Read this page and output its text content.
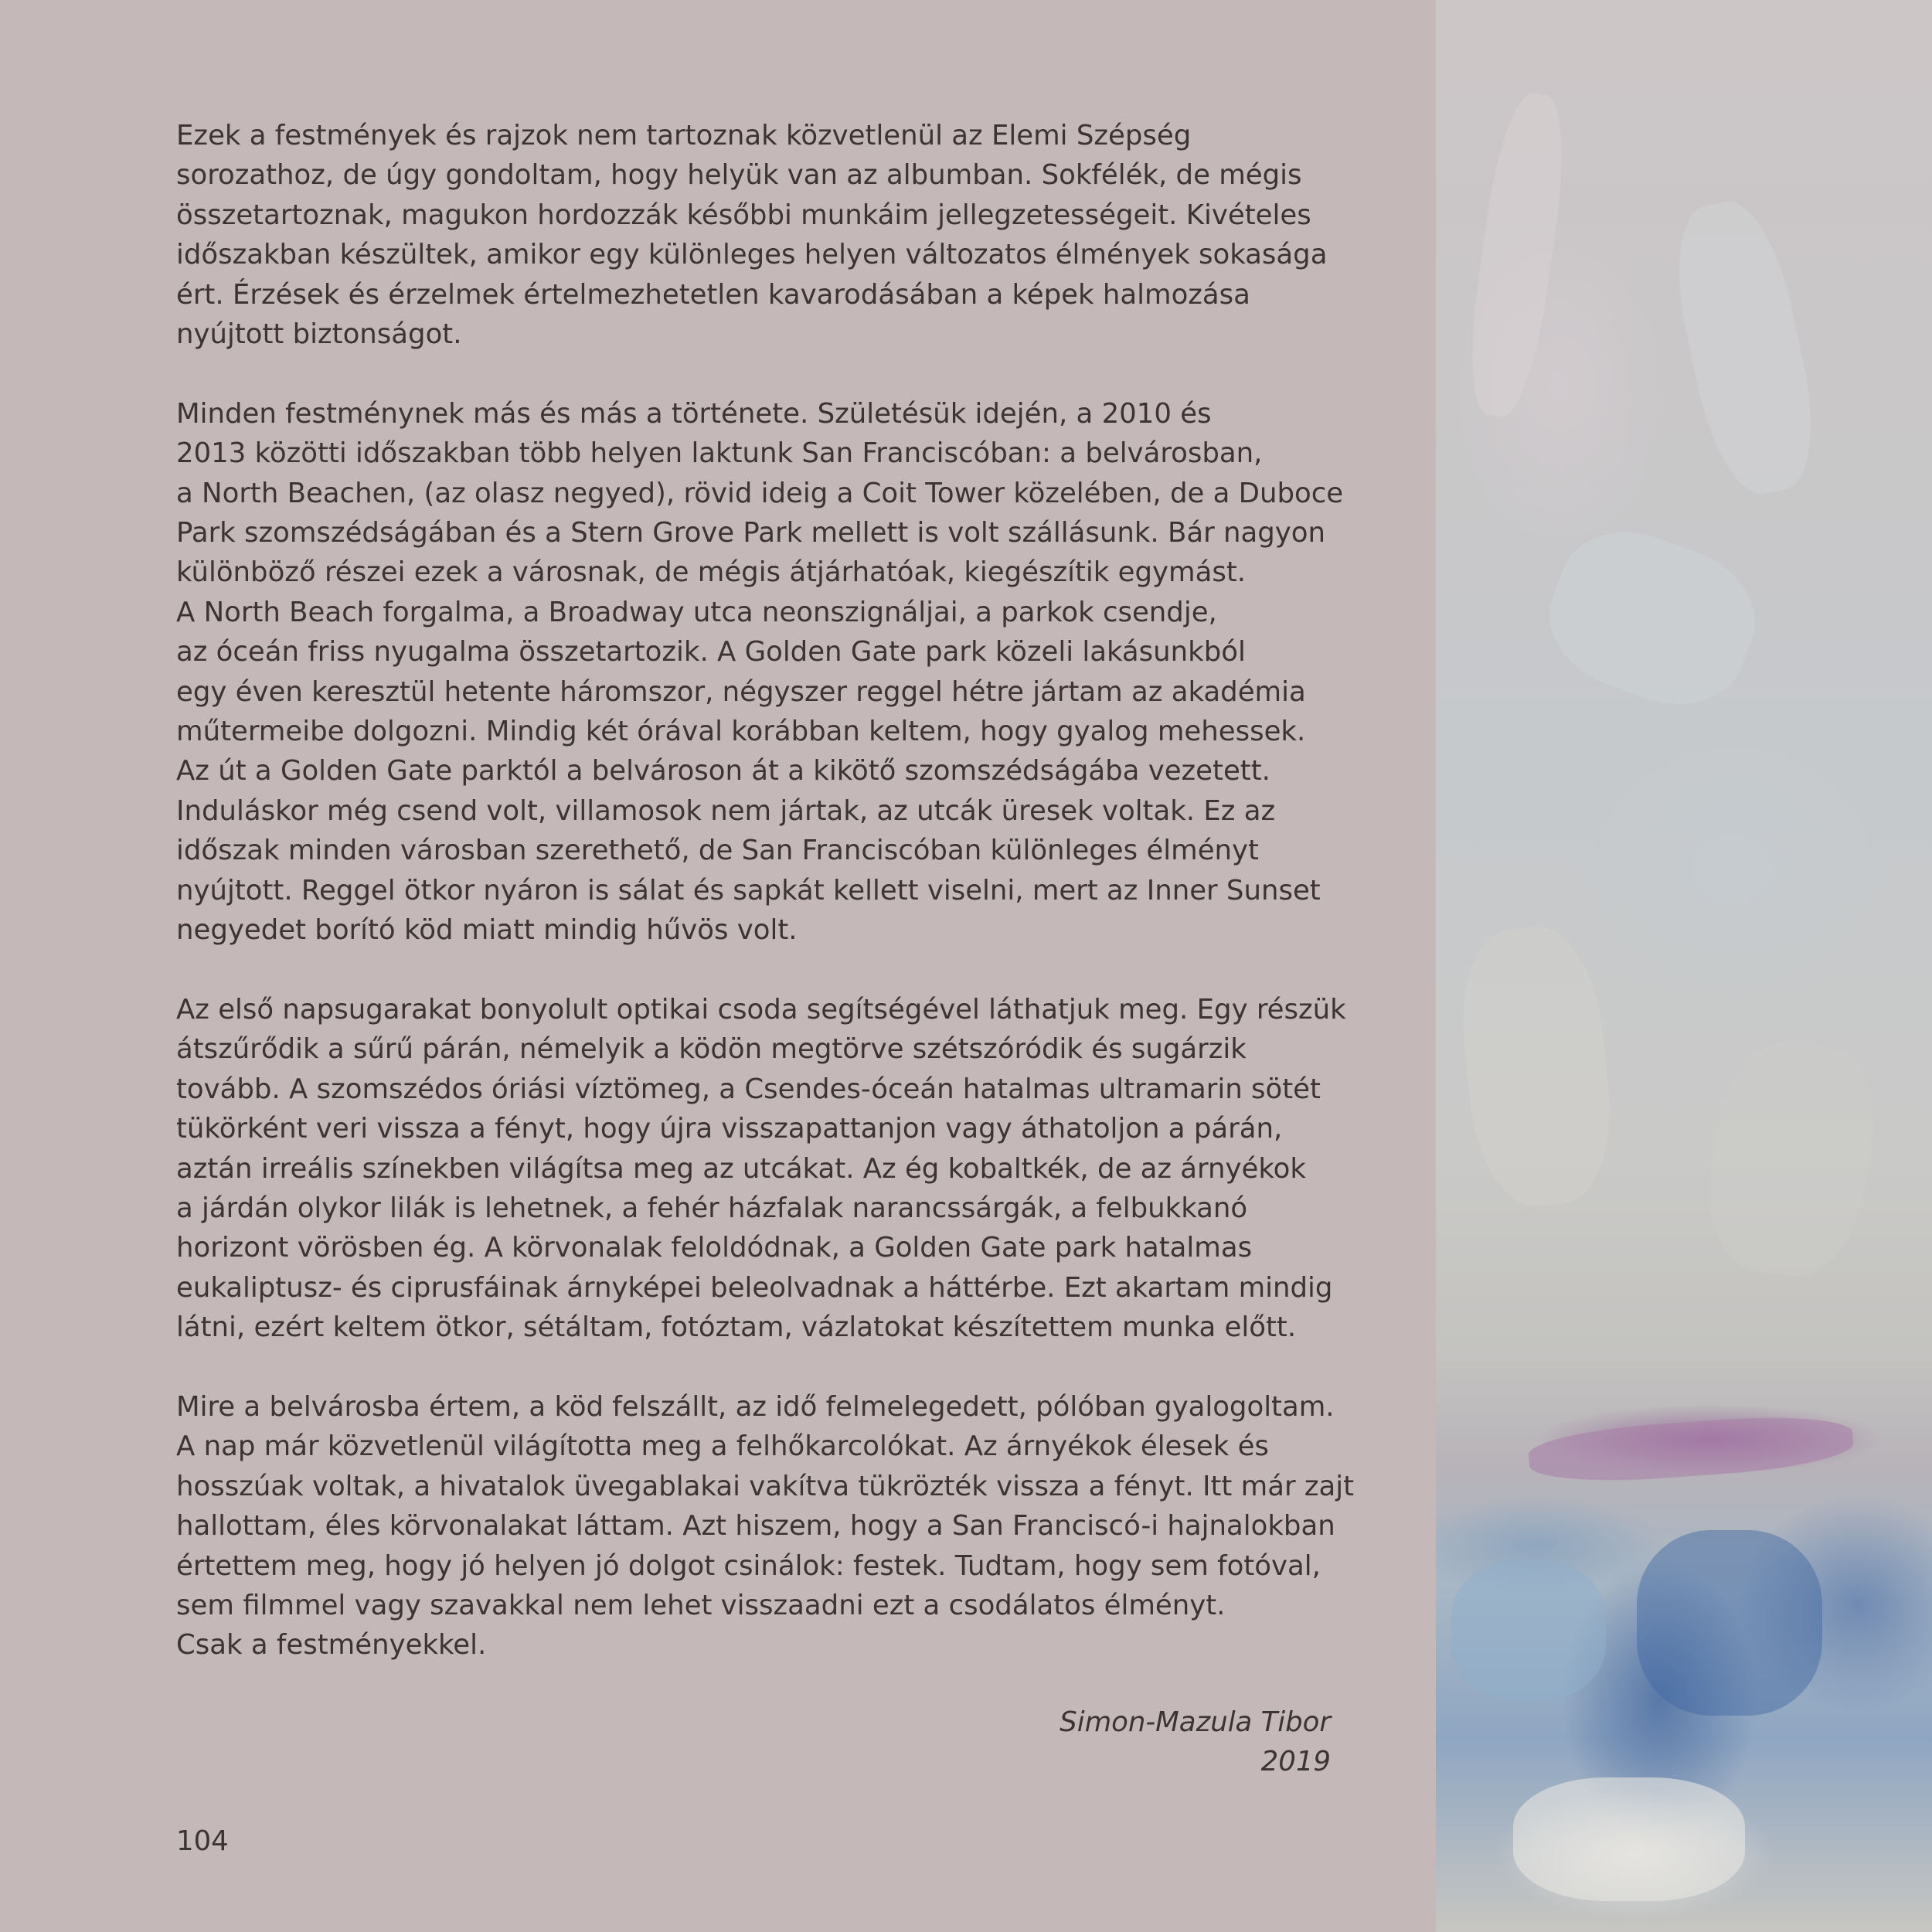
Ezek a festmények és rajzok nem tartoznak közvetlenül az Elemi Szépség
sorozathoz, de úgy gondoltam, hogy helyük van az albumban. Sokfélék, de mégis
összetartoznak, magukon hordozzák későbbi munkáim jellegzetességeit. Kivételes
időszakban készültek, amikor egy különleges helyen változatos élmények sokasága
ért. Érzések és érzelmek értelmezhetetlen kavarodásában a képek halmozása
nyújtott biztonságot.
Minden festménynek más és más a története. Születésük idején, a 2010 és
2013 közötti időszakban több helyen laktunk San Franciscóban: a belvárosban,
a North Beachen, (az olasz negyed), rövid ideig a Coit Tower közelében, de a Duboce
Park szomszédságában és a Stern Grove Park mellett is volt szállásunk. Bár nagyon
különböző részei ezek a városnak, de mégis átjárhatóak, kiegészítik egymást.
A North Beach forgalma, a Broadway utca neonszignáljai, a parkok csendje,
az óceán friss nyugalma összetartozik. A Golden Gate park közeli lakásunkból
egy éven keresztül hetente háromszor, négyszer reggel hétre jártam az akadémia
műtermeibe dolgozni. Mindig két órával korábban keltem, hogy gyalog mehessek.
Az út a Golden Gate parktól a belvároson át a kikötő szomszédságába vezetett.
Induláskor még csend volt, villamosok nem jártak, az utcák üresek voltak. Ez az
időszak minden városban szerethető, de San Franciscóban különleges élményt
nyújtott. Reggel ötkor nyáron is sálat és sapkát kellett viselni, mert az Inner Sunset
negyedet borító köd miatt mindig hűvös volt.
Az első napsugarakat bonyolult optikai csoda segítségével láthatjuk meg. Egy részük
átszűrődik a sűrű párán, némelyik a ködön megtörve szétszóródik és sugárzik
tovább. A szomszédos óriási víztömeg, a Csendes-óceán hatalmas ultramarin sötét
tükörként veri vissza a fényt, hogy újra visszapattanjon vagy áthatoljon a párán,
aztán irreális színekben világítsa meg az utcákat. Az ég kobaltkék, de az árnyékok
a járdán olykor lilák is lehetnek, a fehér házfalak narancssárgák, a felbukkanó
horizont vörösben ég. A körvonalak feloldódnak, a Golden Gate park hatalmas
eukaliptusz- és ciprusfáinak árnyképei beleolvadnak a háttérbe. Ezt akartam mindig
látni, ezért keltem ötkor, sétáltam, fotóztam, vázlatokat készítettem munka előtt.
Mire a belvárosba értem, a köd felszállt, az idő felmelegedett, pólóban gyalogoltam.
A nap már közvetlenül világította meg a felhőkarcolókat. Az árnyékok élesek és
hosszúak voltak, a hivatalok üvegablakai vakítva tükrözték vissza a fényt. Itt már zajt
hallottam, éles körvonalakat láttam. Azt hiszem, hogy a San Franciscó-i hajnalokban
értettem meg, hogy jó helyen jó dolgot csinálok: festek. Tudtam, hogy sem fotóval,
sem filmmel vagy szavakkal nem lehet visszaadni ezt a csodálatos élményt.
Csak a festményekkel.
Simon-Mazula Tibor
2019
104
